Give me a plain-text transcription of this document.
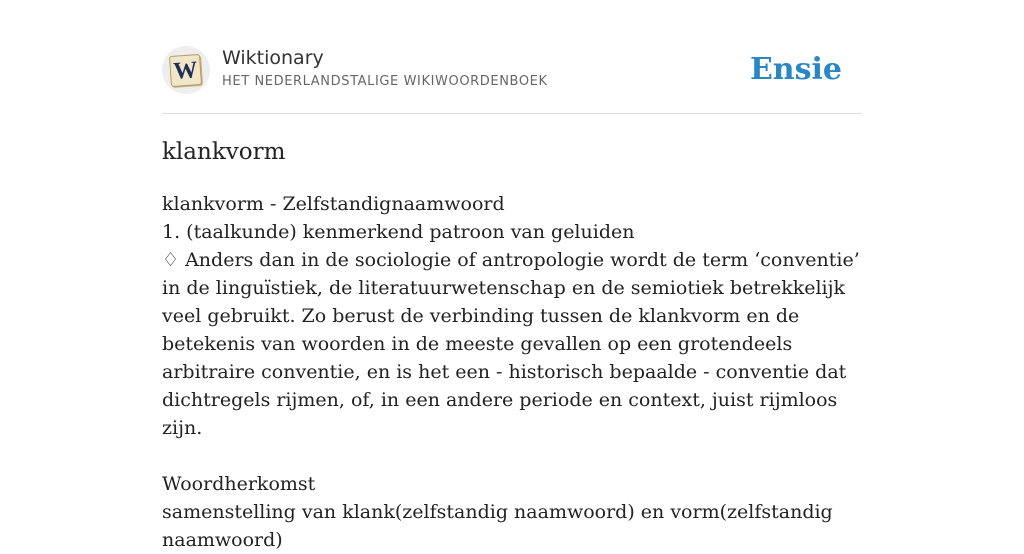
W Wiktionary
HET NEDERLANDSTALIGE WIKIWOORDENBOEK	Ensie
klankvorm

klankvorm - Zelfstandignaamwoord

1. (taalkunde) kenmerkend patroon van geluiden

♢ Anders dan in de sociologie of antropologie wordt de term ‘conventie’ in de linguïstiek, de literatuurwetenschap en de semiotiek betrekkelijk veel gebruikt. Zo berust de verbinding tussen de klankvorm en de betekenis van woorden in de meeste gevallen op een grotendeels arbitraire conventie, en is het een - historisch bepaalde - conventie dat dichtregels rijmen, of, in een andere periode en context, juist rijmloos zijn.

Woordherkomst

samenstelling van klank(zelfstandig naamwoord) en vorm(zelfstandig naamwoord)
